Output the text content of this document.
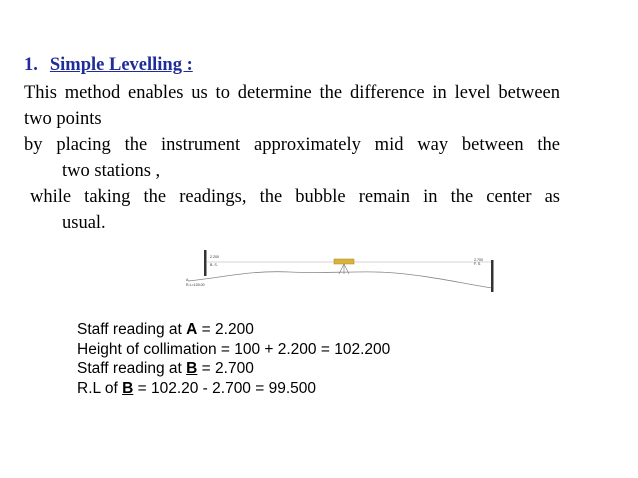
1. Simple Levelling :

This method enables us to determine the difference in level between two points

by placing the instrument approximately mid way between the

two stations ,

while taking the readings, the bubble remain in the center as

usual.

2.200
B. S.
2.700
F. S.
A
R.L=100.00
Staff reading at A = 2.200
Height of collimation = 100 + 2.200 = 102.200
Staff reading at B = 2.700
R.L of B = 102.20 - 2.700 = 99.500
